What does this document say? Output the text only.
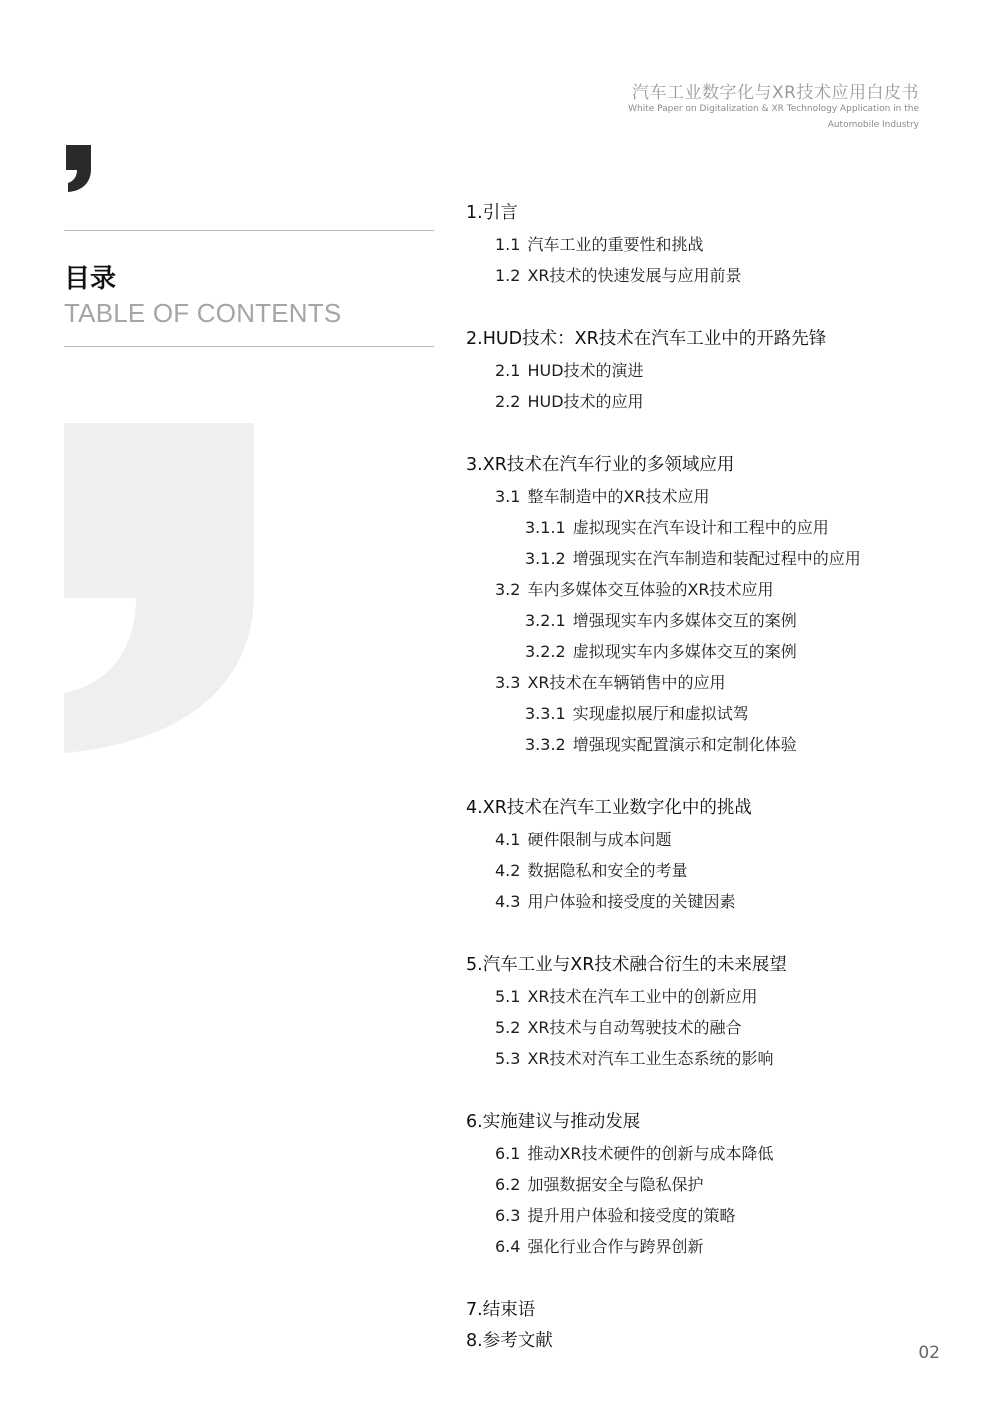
汽车工业数字化与XR技术应用白皮书
White Paper on Digitalization & XR Technology Application in the Automobile Industry
目录
TABLE OF CONTENTS
1.引言
1.1 汽车工业的重要性和挑战
1.2 XR技术的快速发展与应用前景
2.HUD技术：XR技术在汽车工业中的开路先锋
2.1 HUD技术的演进
2.2 HUD技术的应用
3.XR技术在汽车行业的多领域应用
3.1 整车制造中的XR技术应用
3.1.1 虚拟现实在汽车设计和工程中的应用
3.1.2 增强现实在汽车制造和装配过程中的应用
3.2 车内多媒体交互体验的XR技术应用
3.2.1 增强现实车内多媒体交互的案例
3.2.2 虚拟现实车内多媒体交互的案例
3.3 XR技术在车辆销售中的应用
3.3.1 实现虚拟展厅和虚拟试驾
3.3.2 增强现实配置演示和定制化体验
4.XR技术在汽车工业数字化中的挑战
4.1 硬件限制与成本问题
4.2 数据隐私和安全的考量
4.3 用户体验和接受度的关键因素
5.汽车工业与XR技术融合衍生的未来展望
5.1 XR技术在汽车工业中的创新应用
5.2 XR技术与自动驾驶技术的融合
5.3 XR技术对汽车工业生态系统的影响
6.实施建议与推动发展
6.1 推动XR技术硬件的创新与成本降低
6.2 加强数据安全与隐私保护
6.3 提升用户体验和接受度的策略
6.4 强化行业合作与跨界创新
7.结束语
8.参考文献
02
